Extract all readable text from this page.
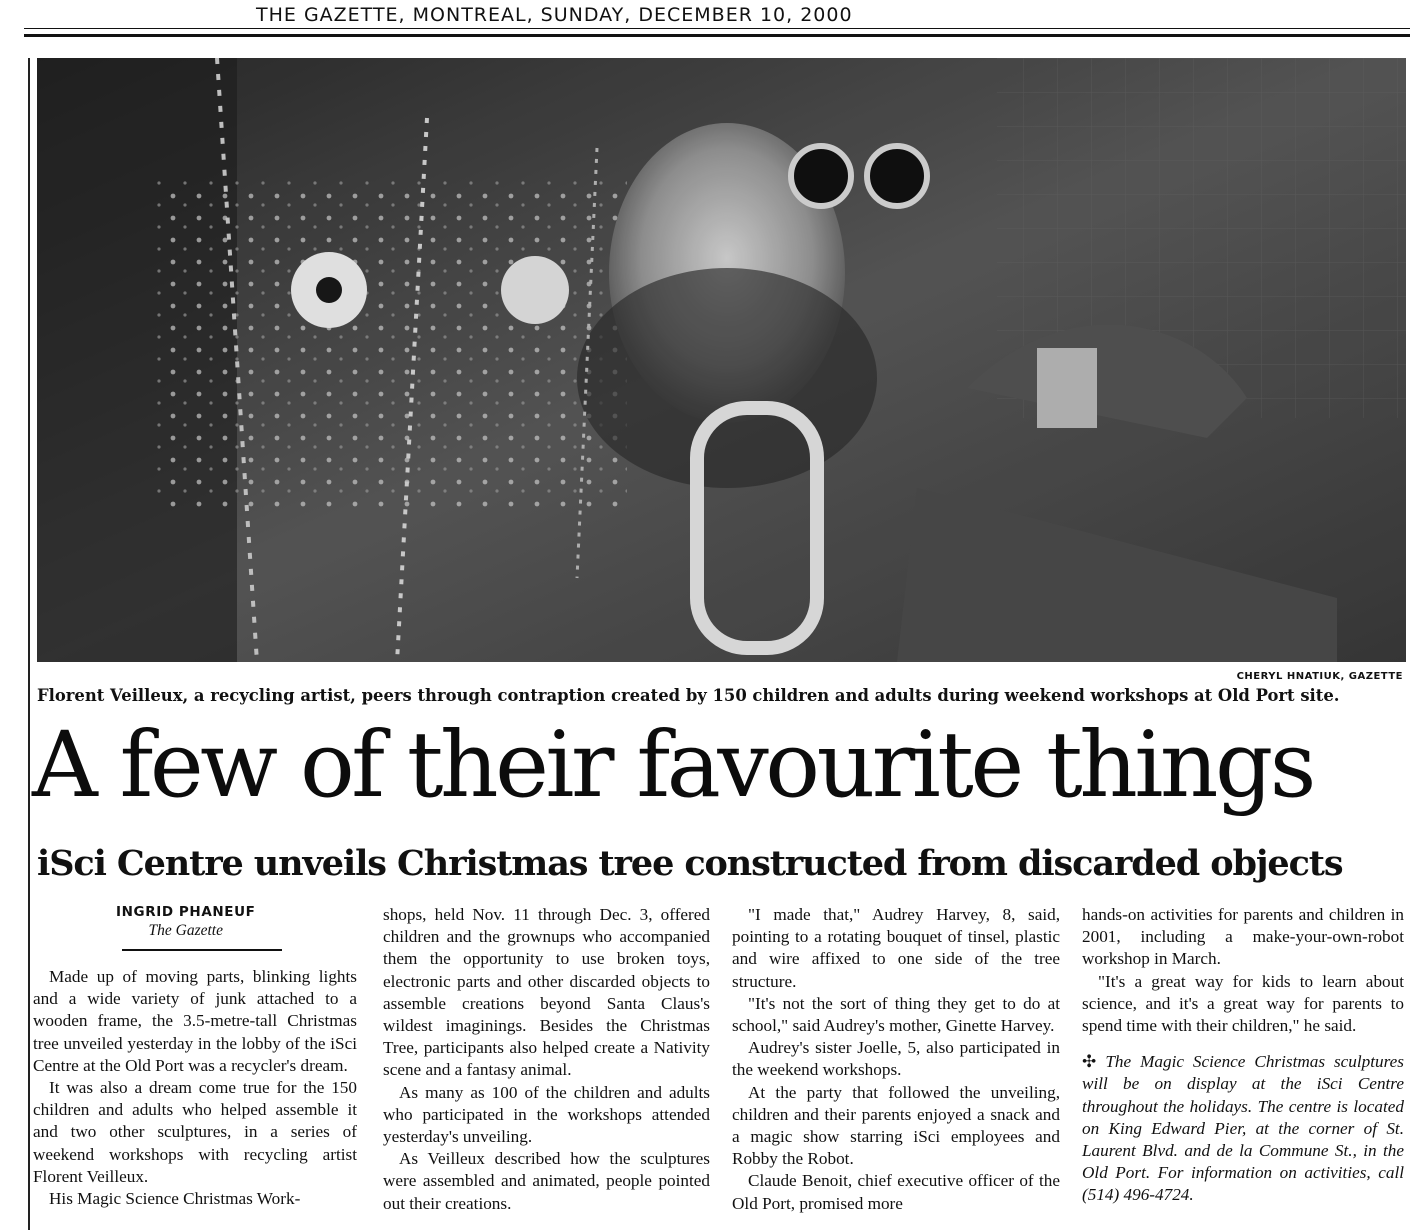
THE GAZETTE, MONTREAL, SUNDAY, DECEMBER 10, 2000
CHERYL HNATIUK, GAZETTE
Florent Veilleux, a recycling artist, peers through contraption created by 150 children and adults during weekend workshops at Old Port site.
A few of their favourite things
iSci Centre unveils Christmas tree constructed from discarded objects
INGRID PHANEUF
The Gazette

Made up of moving parts, blinking lights and a wide variety of junk attached to a wooden frame, the 3.5-metre-tall Christmas tree unveiled yesterday in the lobby of the iSci Centre at the Old Port was a recycler's dream.

It was also a dream come true for the 150 children and adults who helped assemble it and two other sculptures, in a series of weekend workshops with recycling artist Florent Veilleux.

His Magic Science Christmas Work-

shops, held Nov. 11 through Dec. 3, offered children and the grownups who accompanied them the opportunity to use broken toys, electronic parts and other discarded objects to assemble creations beyond Santa Claus's wildest imaginings. Besides the Christmas Tree, participants also helped create a Nativity scene and a fantasy animal.

As many as 100 of the children and adults who participated in the workshops attended yesterday's unveiling.

As Veilleux described how the sculptures were assembled and animated, people pointed out their creations.

"I made that," Audrey Harvey, 8, said, pointing to a rotating bouquet of tinsel, plastic and wire affixed to one side of the tree structure.

"It's not the sort of thing they get to do at school," said Audrey's mother, Ginette Harvey.

Audrey's sister Joelle, 5, also participated in the weekend workshops.

At the party that followed the unveiling, children and their parents enjoyed a snack and a magic show starring iSci employees and Robby the Robot.

Claude Benoit, chief executive officer of the Old Port, promised more

hands-on activities for parents and children in 2001, including a make-your-own-robot workshop in March.

"It's a great way for kids to learn about science, and it's a great way for parents to spend time with their children," he said.

✣ The Magic Science Christmas sculptures will be on display at the iSci Centre throughout the holidays. The centre is located on King Edward Pier, at the corner of St. Laurent Blvd. and de la Commune St., in the Old Port. For information on activities, call (514) 496-4724.
